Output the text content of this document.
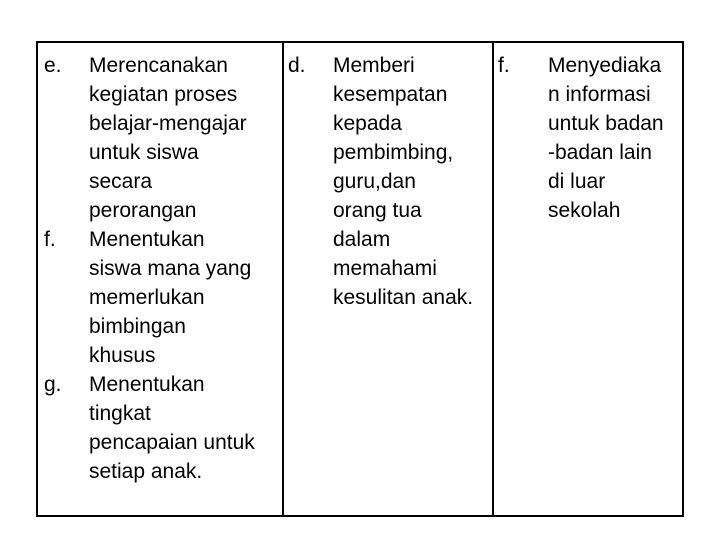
e. Merencanakan
kegiatan proses
belajar-mengajar
untuk siswa
secara
perorangan
f. Menentukan
siswa mana yang
memerlukan
bimbingan
khusus
g. Menentukan
tingkat
pencapaian untuk
setiap anak.
d. Memberi
kesempatan
kepada
pembimbing,
guru,dan
orang tua
dalam
memahami
kesulitan anak.
f. Menyediaka
n informasi
untuk badan
-badan lain
di luar
sekolah
